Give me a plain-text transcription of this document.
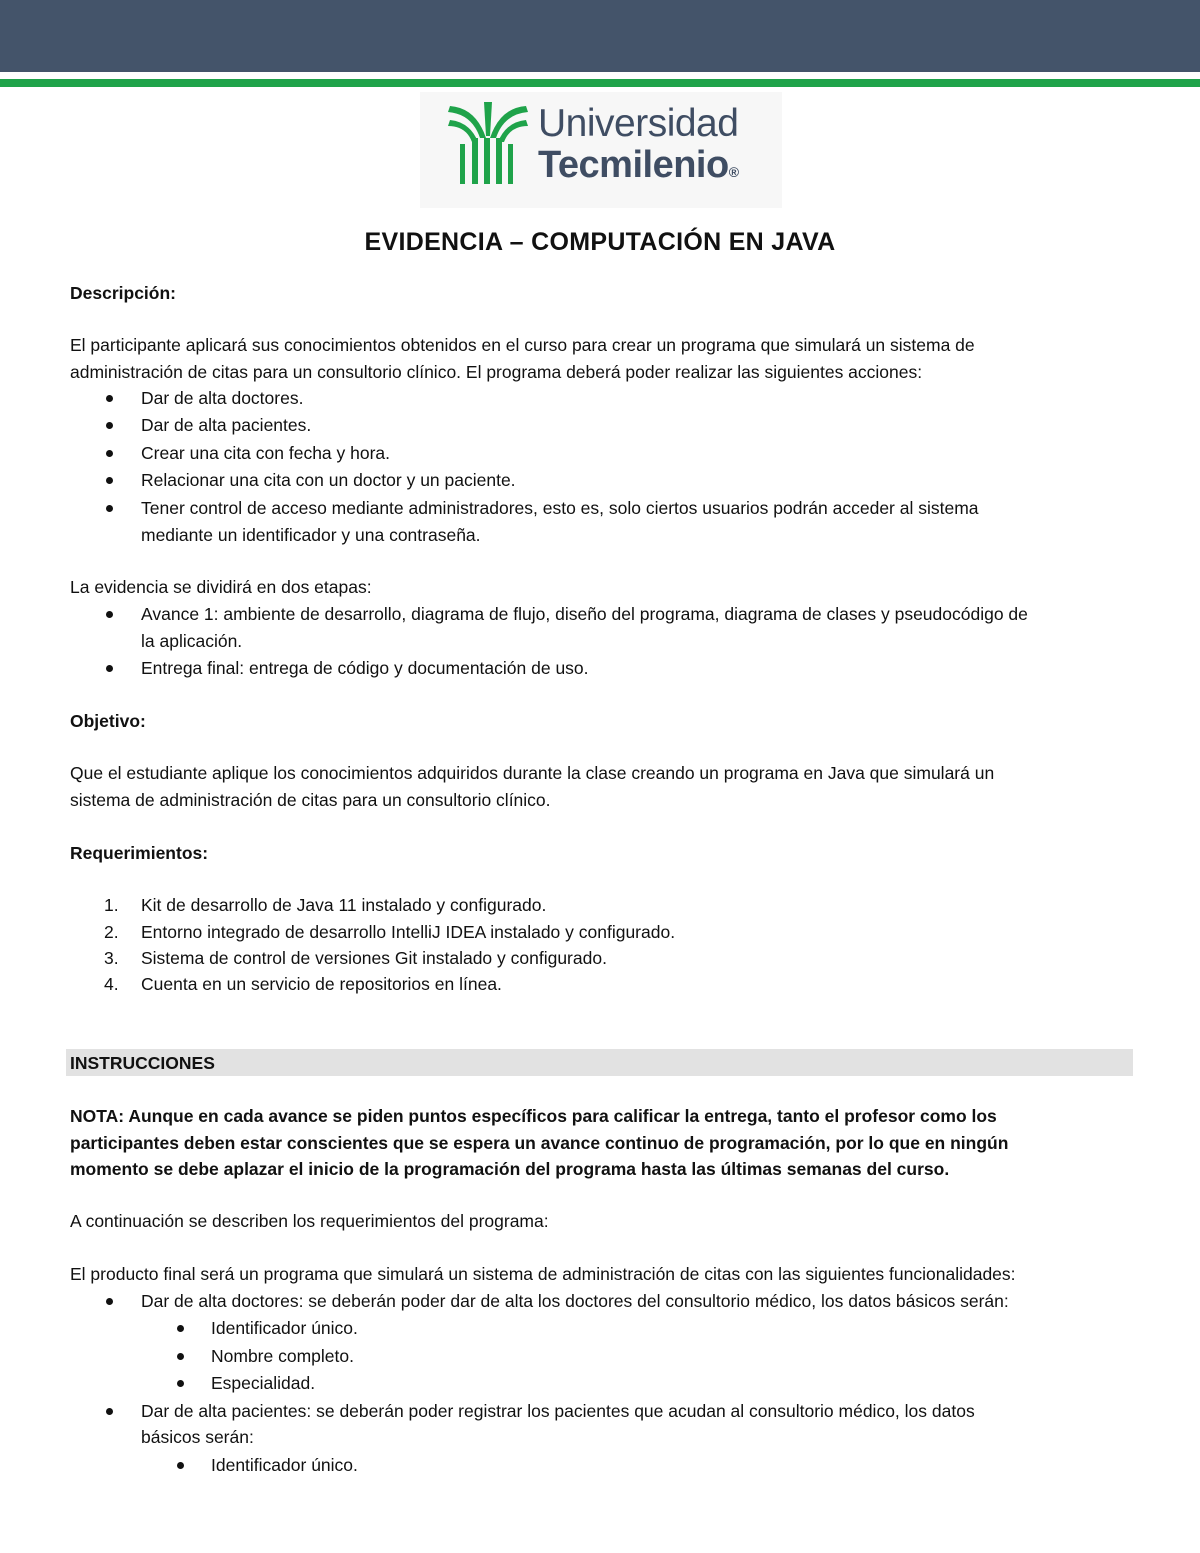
Universidad
Tecmilenio®
EVIDENCIA – COMPUTACIÓN EN JAVA
Descripción:
El participante aplicará sus conocimientos obtenidos en el curso para crear un programa que simulará un sistema de
administración de citas para un consultorio clínico. El programa deberá poder realizar las siguientes acciones:
Dar de alta doctores.
Dar de alta pacientes.
Crear una cita con fecha y hora.
Relacionar una cita con un doctor y un paciente.
Tener control de acceso mediante administradores, esto es, solo ciertos usuarios podrán acceder al sistema
mediante un identificador y una contraseña.
La evidencia se dividirá en dos etapas:
Avance 1: ambiente de desarrollo, diagrama de flujo, diseño del programa, diagrama de clases y pseudocódigo de
la aplicación.
Entrega final: entrega de código y documentación de uso.
Objetivo:
Que el estudiante aplique los conocimientos adquiridos durante la clase creando un programa en Java que simulará un
sistema de administración de citas para un consultorio clínico.
Requerimientos:
1. Kit de desarrollo de Java 11 instalado y configurado.
2. Entorno integrado de desarrollo IntelliJ IDEA instalado y configurado.
3. Sistema de control de versiones Git instalado y configurado.
4. Cuenta en un servicio de repositorios en línea.
INSTRUCCIONES
NOTA: Aunque en cada avance se piden puntos específicos para calificar la entrega, tanto el profesor como los
participantes deben estar conscientes que se espera un avance continuo de programación, por lo que en ningún
momento se debe aplazar el inicio de la programación del programa hasta las últimas semanas del curso.
A continuación se describen los requerimientos del programa:
El producto final será un programa que simulará un sistema de administración de citas con las siguientes funcionalidades:
Dar de alta doctores: se deberán poder dar de alta los doctores del consultorio médico, los datos básicos serán:
Identificador único.
Nombre completo.
Especialidad.
Dar de alta pacientes: se deberán poder registrar los pacientes que acudan al consultorio médico, los datos
básicos serán:
Identificador único.
